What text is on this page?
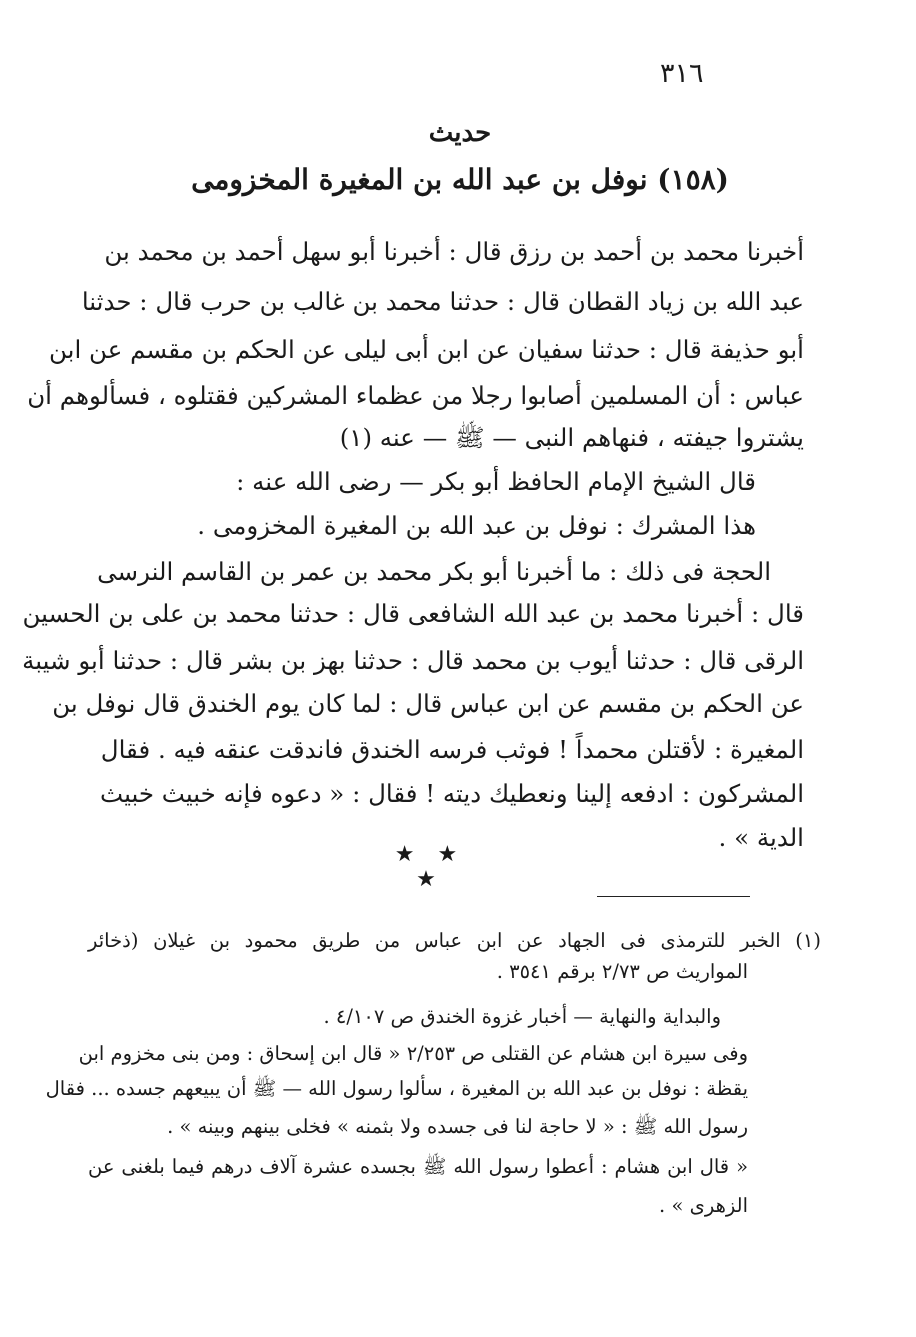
٣١٦
حديث
(١٥٨) نوفل بن عبد الله بن المغيرة المخزومى
أخبرنا محمد بن أحمد بن رزق قال : أخبرنا أبو سهل أحمد بن محمد بن
عبد الله بن زياد القطان قال : حدثنا محمد بن غالب بن حرب قال : حدثنا
أبو حذيفة قال : حدثنا سفيان عن ابن أبى ليلى عن الحكم بن مقسم عن ابن
عباس : أن المسلمين أصابوا رجلا من عظماء المشركين فقتلوه ، فسألوهم أن
يشتروا جيفته ، فنهاهم النبى — ﷺ — عنه (١)
قال الشيخ الإمام الحافظ أبو بكر — رضى الله عنه :
هذا المشرك : نوفل بن عبد الله بن المغيرة المخزومى .
الحجة فى ذلك : ما أخبرنا أبو بكر محمد بن عمر بن القاسم النرسى
قال : أخبرنا محمد بن عبد الله الشافعى قال : حدثنا محمد بن على بن الحسين
الرقى قال : حدثنا أيوب بن محمد قال : حدثنا بهز بن بشر قال : حدثنا أبو شيبة
عن الحكم بن مقسم عن ابن عباس قال : لما كان يوم الخندق قال نوفل بن
المغيرة : لأقتلن محمداً ! فوثب فرسه الخندق فاندقت عنقه فيه . فقال
المشركون : ادفعه إلينا ونعطيك ديته ! فقال : « دعوه فإنه خبيث خبيث
الدية » .
★ ★ ★
(١) الخبر للترمذى فى الجهاد عن ابن عباس من طريق محمود بن غيلان (ذخائر
المواريث ص ٢/٧٣ برقم ٣٥٤١ .
والبداية والنهاية — أخبار غزوة الخندق ص ٤/١٠٧ .
وفى سيرة ابن هشام عن القتلى ص ٢/٢٥٣ « قال ابن إسحاق : ومن بنى مخزوم ابن
يقظة : نوفل بن عبد الله بن المغيرة ، سألوا رسول الله — ﷺ أن يبيعهم جسده ... فقال
رسول الله ﷺ : « لا حاجة لنا فى جسده ولا بثمنه » فخلى بينهم وبينه » .
« قال ابن هشام : أعطوا رسول الله ﷺ بجسده عشرة آلاف درهم فيما بلغنى عن
الزهرى » .
